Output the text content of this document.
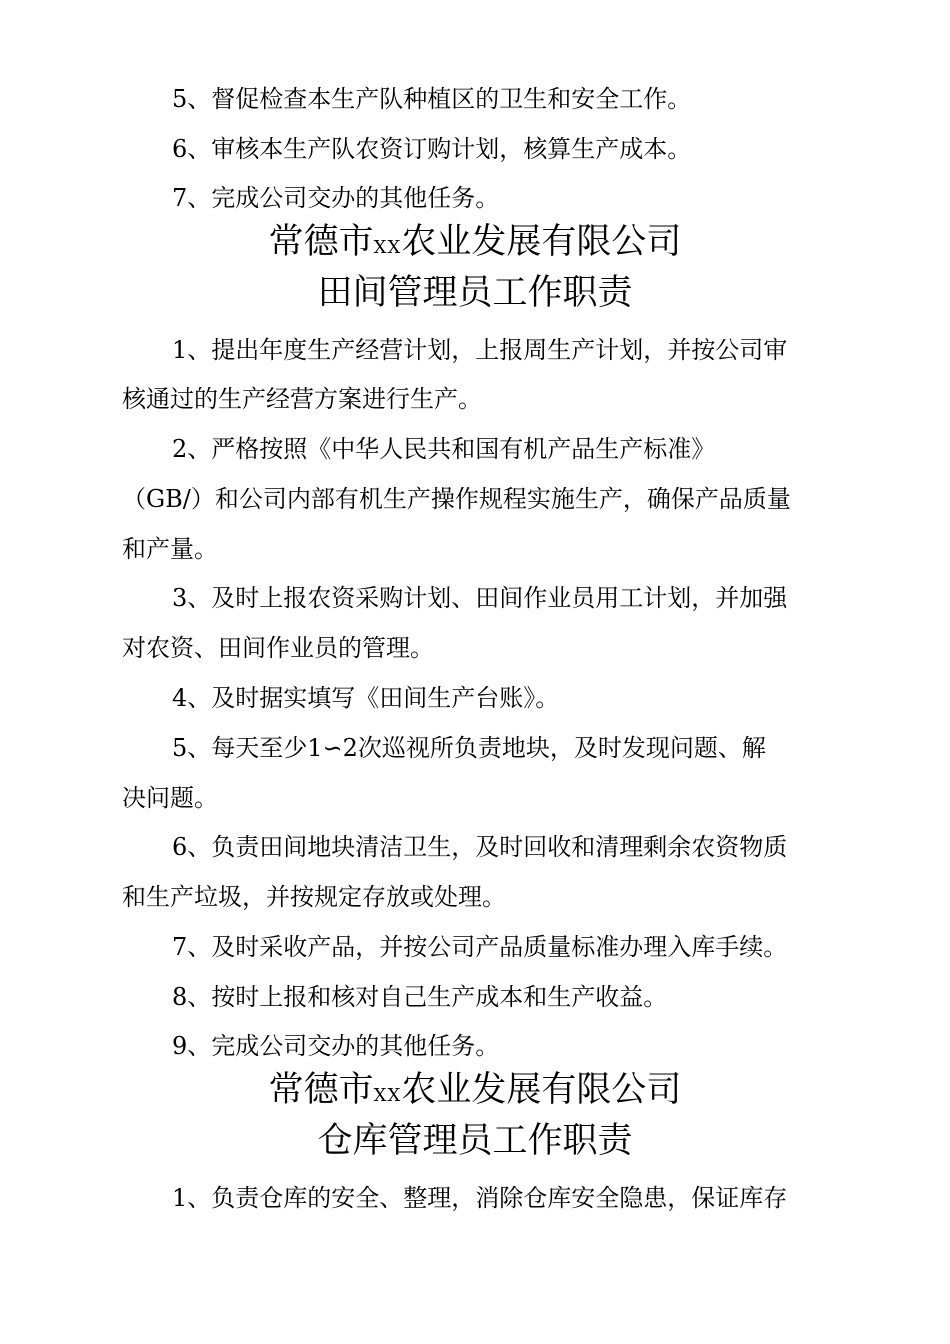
5、督促检查本生产队种植区的卫生和安全工作。
6、审核本生产队农资订购计划，核算生产成本。
7、完成公司交办的其他任务。
常德市XX农业发展有限公司
田间管理员工作职责
1、提出年度生产经营计划，上报周生产计划，并按公司审
核通过的生产经营方案进行生产。
2、严格按照《中华人民共和国有机产品生产标准》
（GB/）和公司内部有机生产操作规程实施生产，确保产品质量
和产量。
3、及时上报农资采购计划、田间作业员用工计划，并加强
对农资、田间作业员的管理。
4、及时据实填写《田间生产台账》。
5、每天至少1∽2次巡视所负责地块，及时发现问题、解
决问题。
6、负责田间地块清洁卫生，及时回收和清理剩余农资物质
和生产垃圾，并按规定存放或处理。
7、及时采收产品，并按公司产品质量标准办理入库手续。
8、按时上报和核对自己生产成本和生产收益。
9、完成公司交办的其他任务。
常德市XX农业发展有限公司
仓库管理员工作职责
1、负责仓库的安全、整理，消除仓库安全隐患，保证库存
